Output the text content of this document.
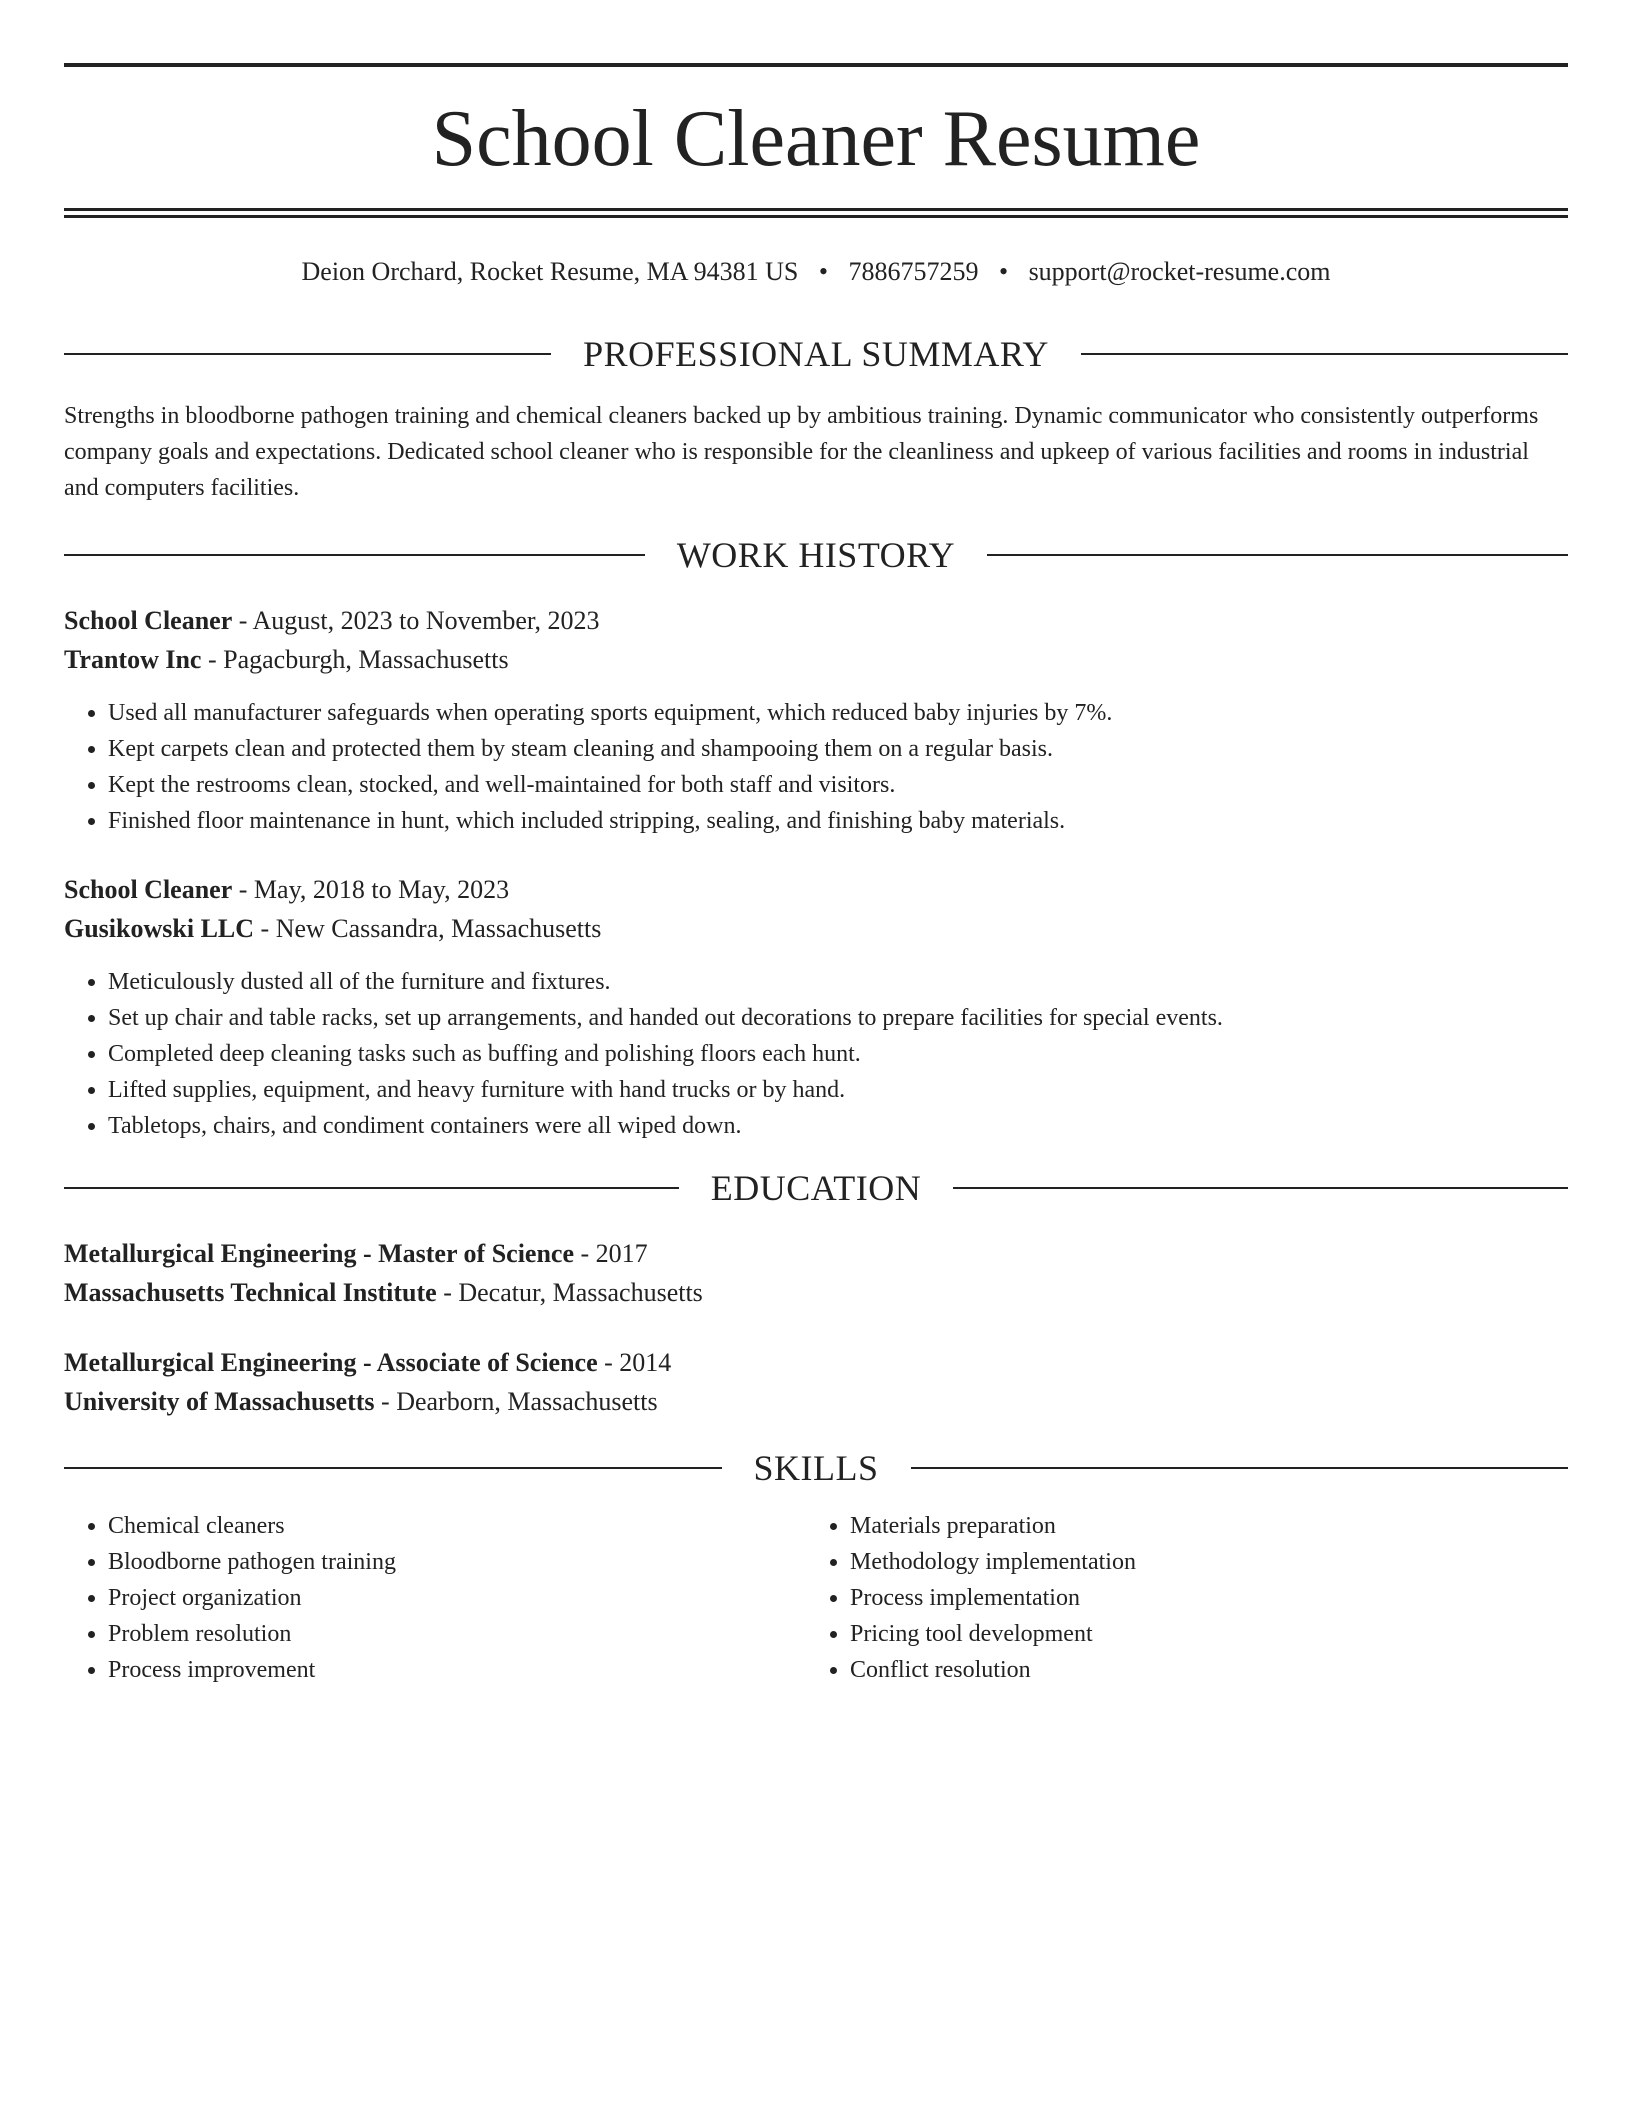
School Cleaner Resume
Deion Orchard, Rocket Resume, MA 94381 US • 7886757259 • support@rocket-resume.com
PROFESSIONAL SUMMARY

Strengths in bloodborne pathogen training and chemical cleaners backed up by ambitious training. Dynamic communicator who consistently outperforms company goals and expectations. Dedicated school cleaner who is responsible for the cleanliness and upkeep of various facilities and rooms in industrial and computers facilities.

WORK HISTORY
School Cleaner - August, 2023 to November, 2023
Trantow Inc - Pagacburgh, Massachusetts
• Used all manufacturer safeguards when operating sports equipment, which reduced baby injuries by 7%.
• Kept carpets clean and protected them by steam cleaning and shampooing them on a regular basis.
• Kept the restrooms clean, stocked, and well-maintained for both staff and visitors.
• Finished floor maintenance in hunt, which included stripping, sealing, and finishing baby materials.
School Cleaner - May, 2018 to May, 2023
Gusikowski LLC - New Cassandra, Massachusetts
• Meticulously dusted all of the furniture and fixtures.
• Set up chair and table racks, set up arrangements, and handed out decorations to prepare facilities for special events.
• Completed deep cleaning tasks such as buffing and polishing floors each hunt.
• Lifted supplies, equipment, and heavy furniture with hand trucks or by hand.
• Tabletops, chairs, and condiment containers were all wiped down.
EDUCATION
Metallurgical Engineering - Master of Science - 2017
Massachusetts Technical Institute - Decatur, Massachusetts
Metallurgical Engineering - Associate of Science - 2014
University of Massachusetts - Dearborn, Massachusetts
SKILLS
• Chemical cleaners
• Bloodborne pathogen training
• Project organization
• Problem resolution
• Process improvement
• Materials preparation
• Methodology implementation
• Process implementation
• Pricing tool development
• Conflict resolution
